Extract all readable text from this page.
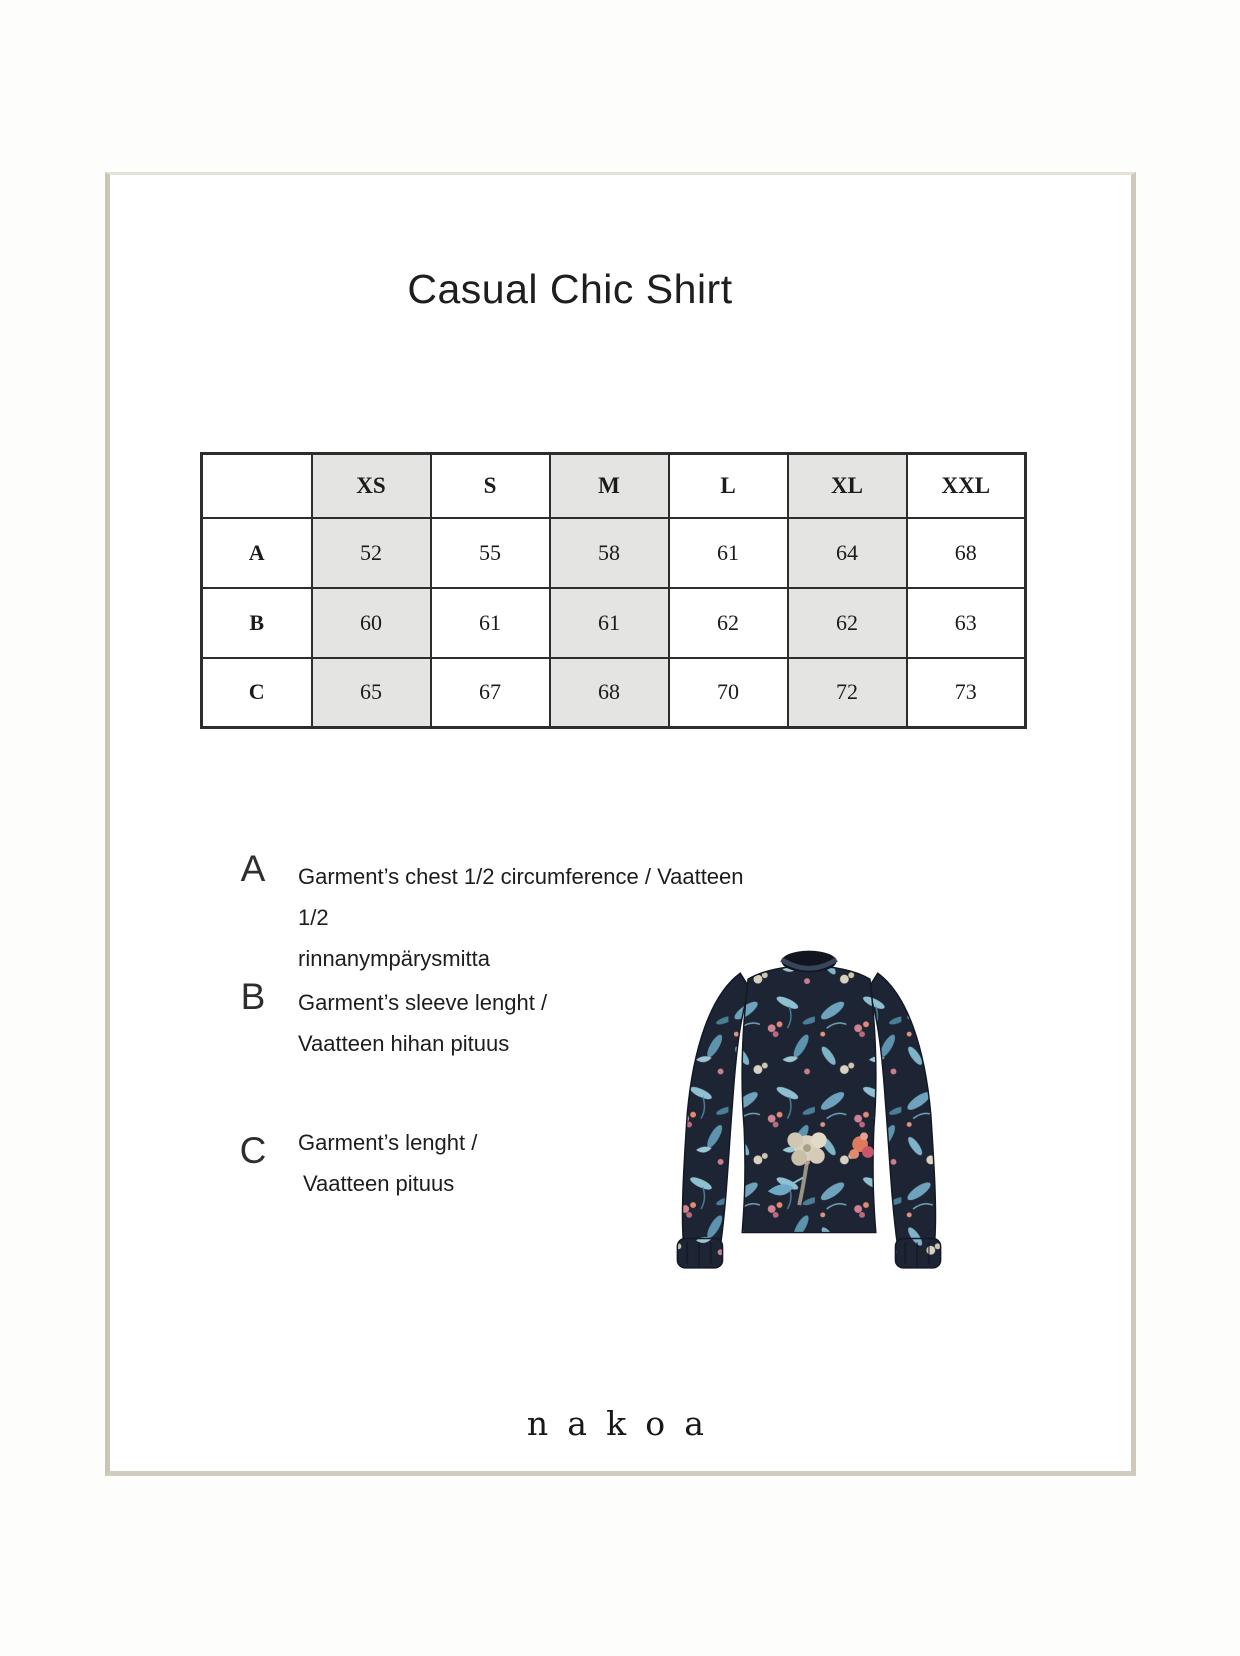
Casual Chic Shirt
	XS	S	M	L	XL	XXL
A	52	55	58	61	64	68
B	60	61	61	62	62	63
C	65	67	68	70	72	73
A	Garment’s chest 1/2 circumference / Vaatteen 1/2
rinnanympärysmitta
B	Garment’s sleeve lenght /
Vaatteen hihan pituus
C	Garment’s lenght /
Vaatteen pituus
nakoa
